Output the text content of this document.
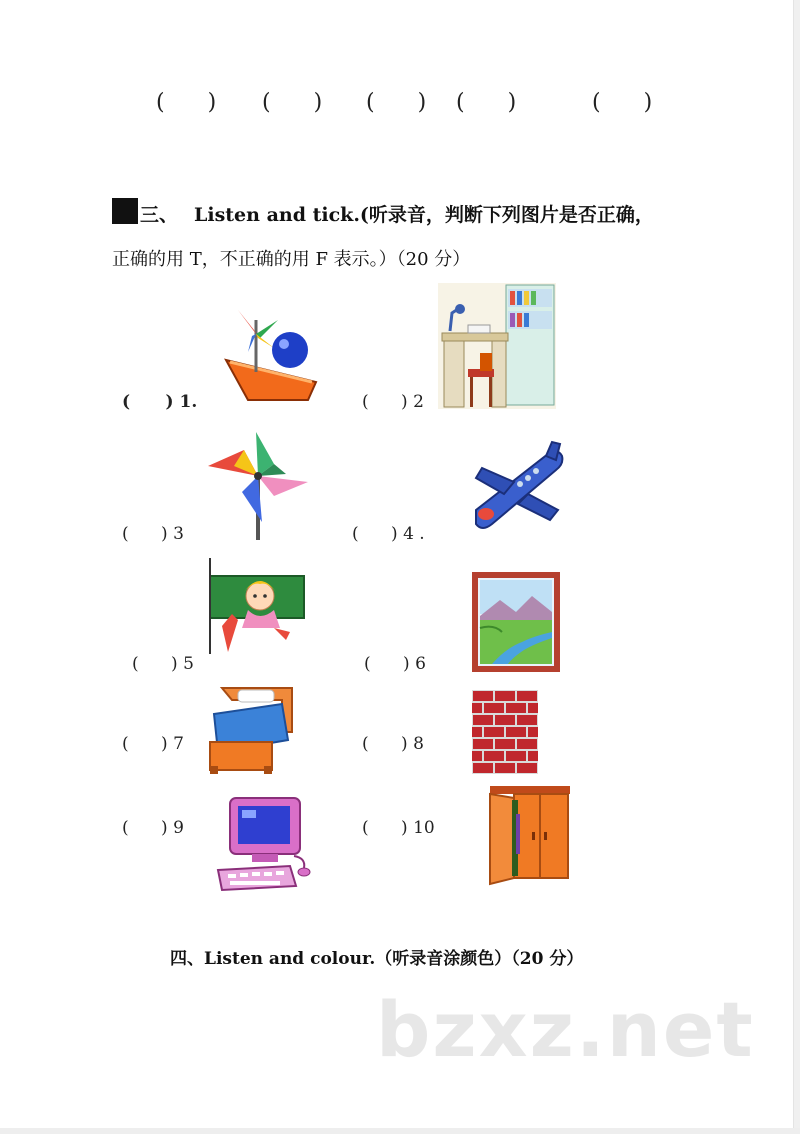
( ) ( ) ( ) ( )	( )
三、 Listen and tick.(听录音，判断下列图片是否正确，
正确的用 T，不正确的用 F 表示。）（20 分）
(      ) 1.	(      ) 2
(      ) 3	(      ) 4 .
(      ) 5	(      ) 6
(      ) 7	(      ) 8
(      ) 9	(      ) 10
四、Listen and colour.（听录音涂颜色）（20 分）
bzxz.net
